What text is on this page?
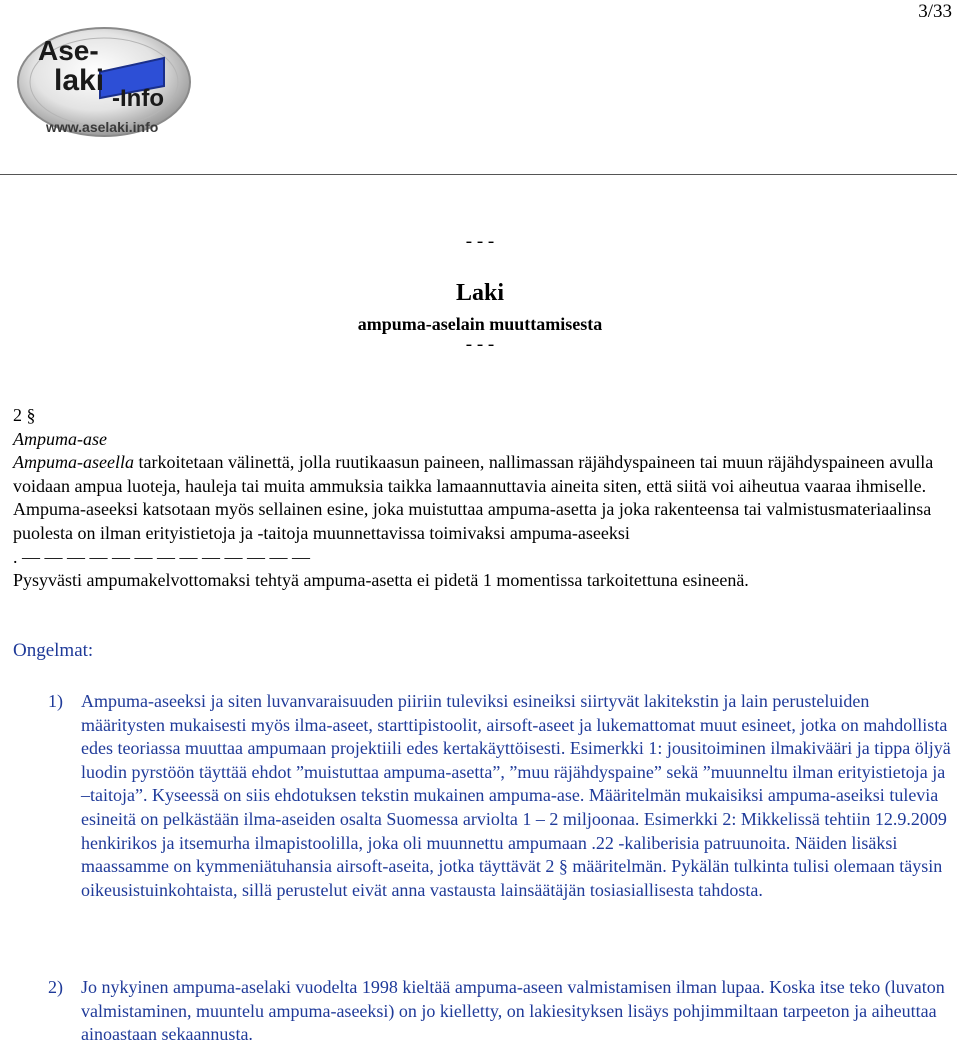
3/33
Ase-
laki
-Info
www.aselaki.info
- - -
Laki
ampuma-aselain muuttamisesta
- - -

2 §

Ampuma-ase

Ampuma-aseella tarkoitetaan välinettä, jolla ruutikaasun paineen, nallimassan räjähdyspaineen tai muun räjähdyspaineen avulla voidaan ampua luoteja, hauleja tai muita ammuksia taikka lamaannuttavia aineita siten, että siitä voi aiheutua vaaraa ihmiselle. Ampuma-aseeksi katsotaan myös sellainen esine, joka muistuttaa ampuma-asetta ja joka rakenteensa tai valmistusmateriaalinsa puolesta on ilman erityistietoja ja -taitoja muunnettavissa toimivaksi ampuma-aseeksi

. — — — — — — — — — — — — —

Pysyvästi ampumakelvottomaksi tehtyä ampuma-asetta ei pidetä 1 momentissa tarkoitettuna esineenä.

Ongelmat:
1) Ampuma-aseeksi ja siten luvanvaraisuuden piiriin tuleviksi esineiksi siirtyvät lakitekstin ja lain perusteluiden määritysten mukaisesti myös ilma-aseet, starttipistoolit, airsoft-aseet ja lukemattomat muut esineet, jotka on mahdollista edes teoriassa muuttaa ampumaan projektiili edes kertakäyttöisesti. Esimerkki 1: jousitoiminen ilmakivääri ja tippa öljyä luodin pyrstöön täyttää ehdot ”muistuttaa ampuma-asetta”, ”muu räjähdyspaine” sekä ”muunneltu ilman erityistietoja ja –taitoja”. Kyseessä on siis ehdotuksen tekstin mukainen ampuma-ase. Määritelmän mukaisiksi ampuma-aseiksi tulevia esineitä on pelkästään ilma-aseiden osalta Suomessa arviolta 1 – 2 miljoonaa. Esimerkki 2: Mikkelissä tehtiin 12.9.2009 henkirikos ja itsemurha ilmapistoolilla, joka oli muunnettu ampumaan .22 -kaliberisia patruunoita. Näiden lisäksi maassamme on kymmeniätuhansia airsoft-aseita, jotka täyttävät 2 § määritelmän. Pykälän tulkinta tulisi olemaan täysin oikeusistuinkohtaista, sillä perustelut eivät anna vastausta lainsäätäjän tosiasiallisesta tahdosta.
2) Jo nykyinen ampuma-aselaki vuodelta 1998 kieltää ampuma-aseen valmistamisen ilman lupaa. Koska itse teko (luvaton valmistaminen, muuntelu ampuma-aseeksi) on jo kielletty, on lakiesityksen lisäys pohjimmiltaan tarpeeton ja aiheuttaa ainoastaan sekaannusta.
